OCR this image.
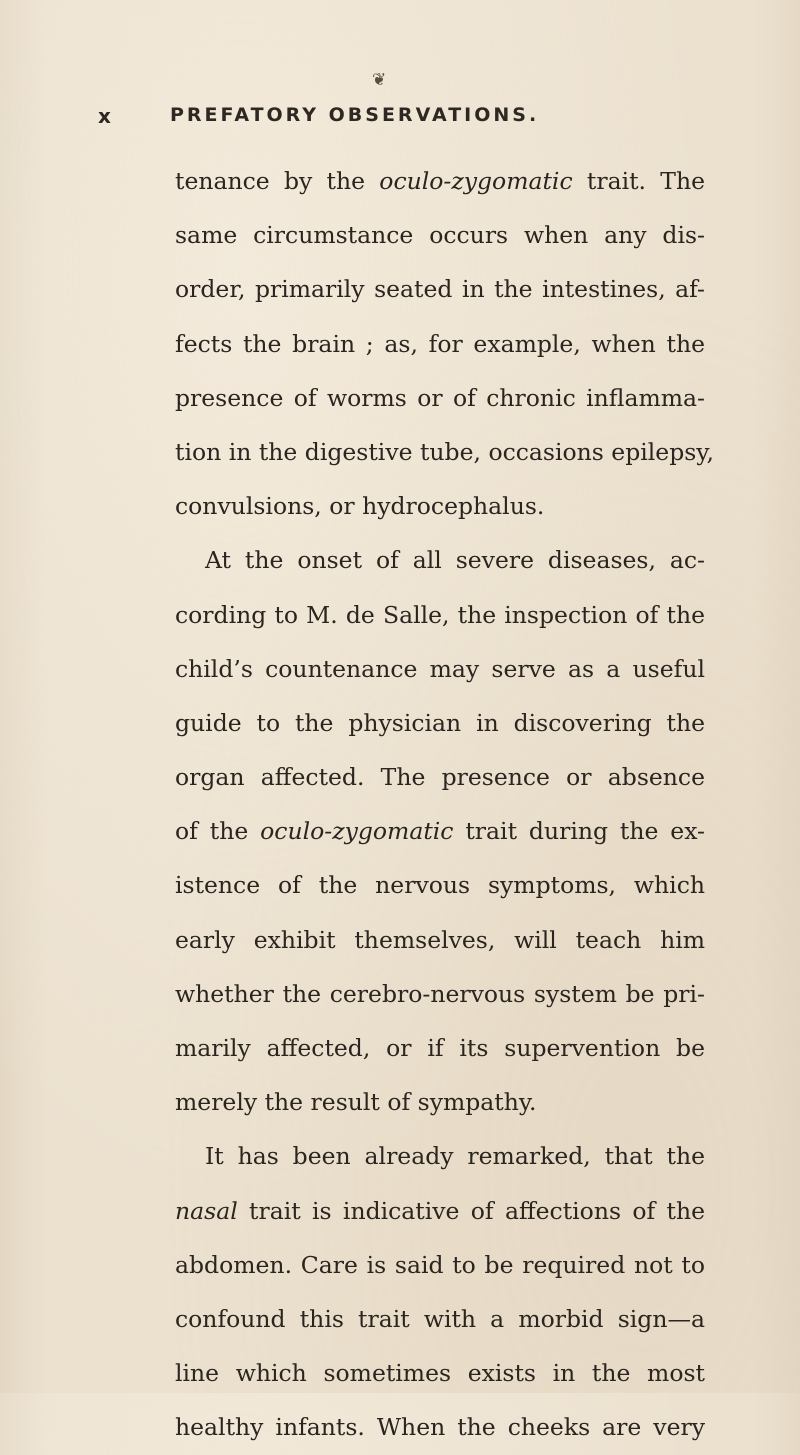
❦
x	PREFATORY OBSERVATIONS.
tenance by the oculo-zygomatic trait. The
same circumstance occurs when any dis-
order, primarily seated in the intestines, af-
fects the brain ; as, for example, when the
presence of worms or of chronic inflamma-
tion in the digestive tube, occasions epilepsy,
convulsions, or hydrocephalus.
At the onset of all severe diseases, ac-
cording to M. de Salle, the inspection of the
child’s countenance may serve as a useful
guide to the physician in discovering the
organ affected. The presence or absence
of the oculo-zygomatic trait during the ex-
istence of the nervous symptoms, which
early exhibit themselves, will teach him
whether the cerebro-nervous system be pri-
marily affected, or if its supervention be
merely the result of sympathy.
It has been already remarked, that the
nasal trait is indicative of affections of the
abdomen. Care is said to be required not to
confound this trait with a morbid sign—a
line which sometimes exists in the most
healthy infants. When the cheeks are very
